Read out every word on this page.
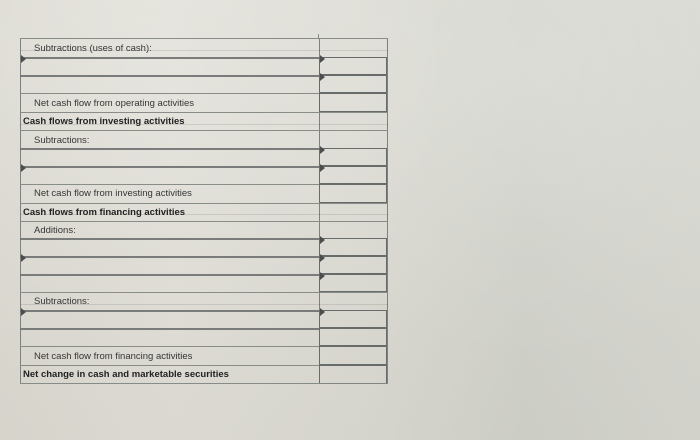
Subtractions (uses of cash):
Net cash flow from operating activities
Cash flows from investing activities
Subtractions:
Net cash flow from investing activities
Cash flows from financing activities
Additions:
Subtractions:
Net cash flow from financing activities
Net change in cash and marketable securities
